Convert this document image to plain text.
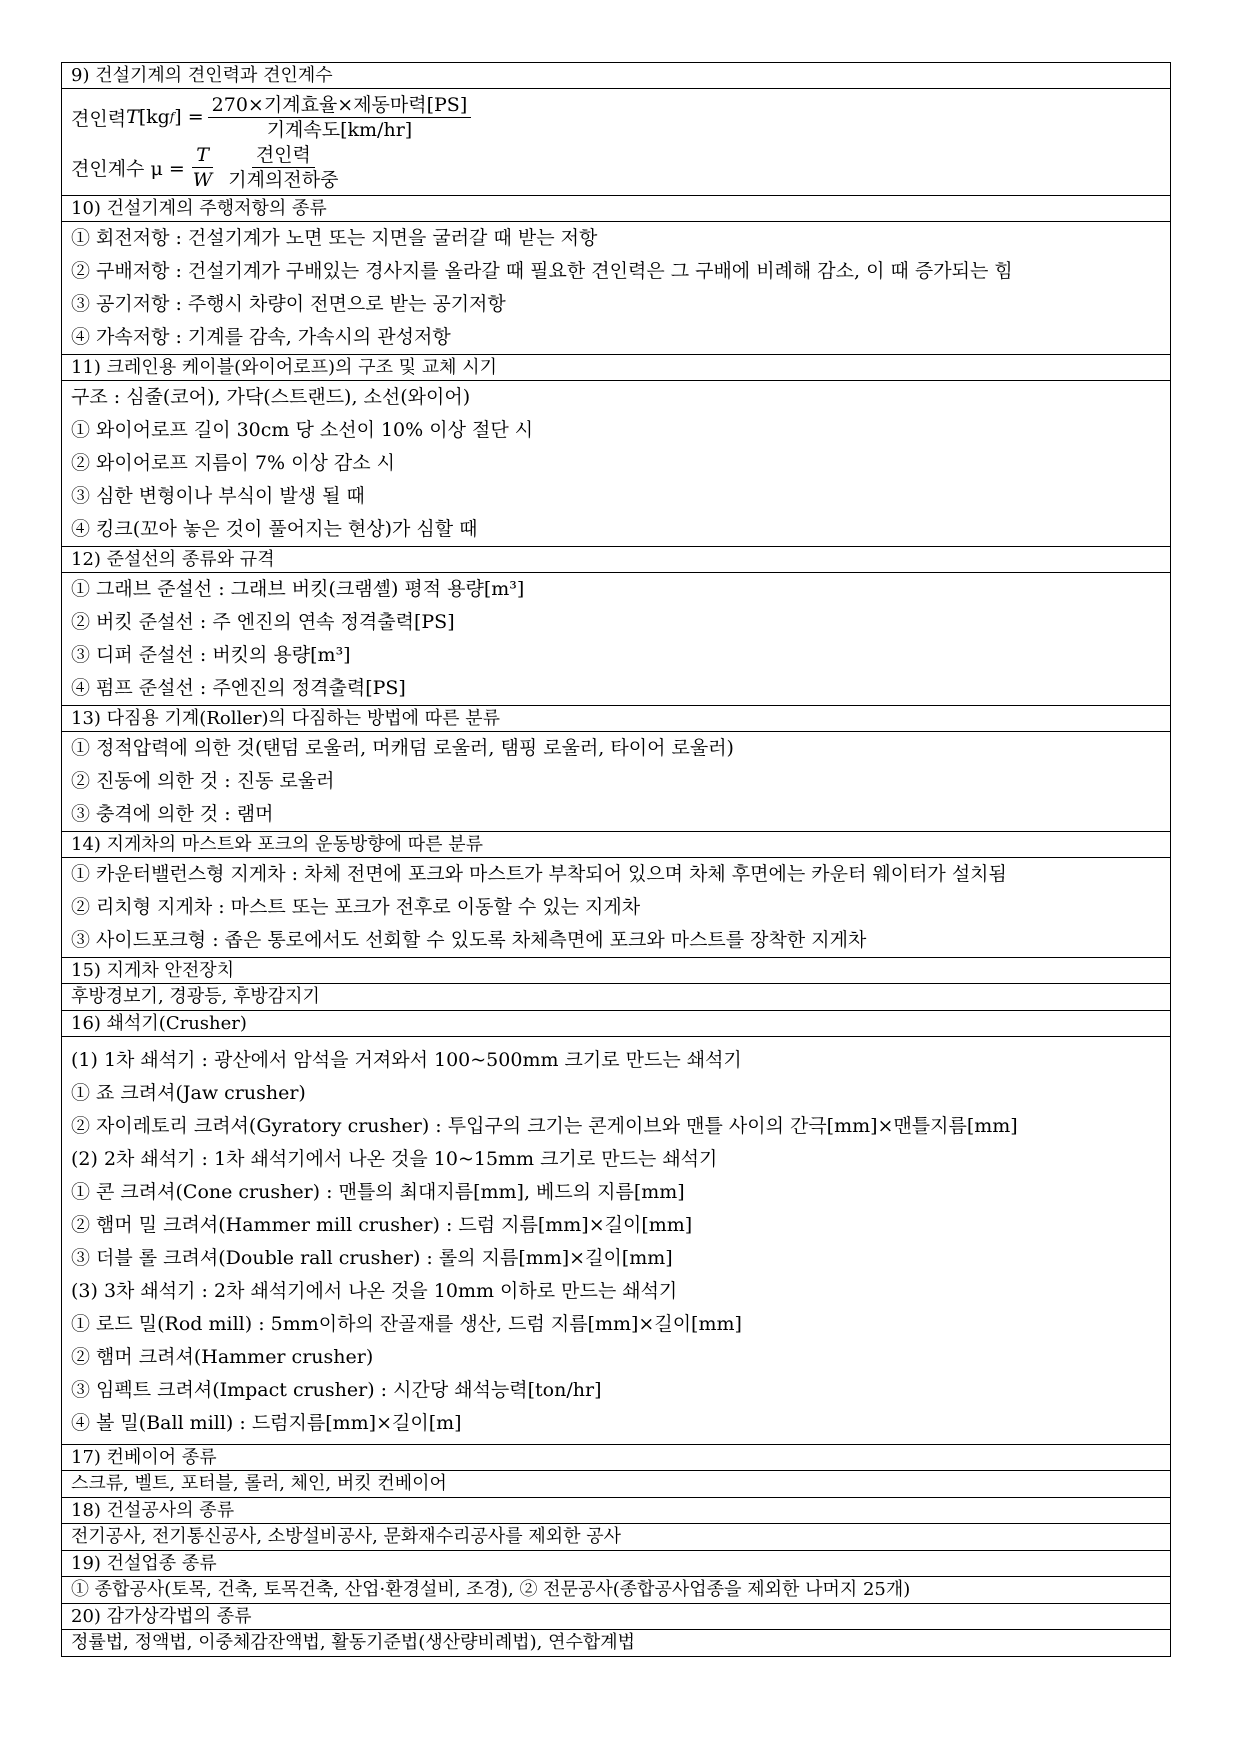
9) 건설기계의 견인력과 견인계수

견인력 T [kg f ] = $\frac{\text{270×기계효율×제동마력[PS]}}{\text{기계속도[km/hr]}}$
견인계수 $\mu = \frac{T}{W} \frac{\text{견인력}}{\text{기계의전하중}}$

10) 건설기계의 주행저항의 종류

① 회전저항 : 건설기계가 노면 또는 지면을 굴러갈 때 받는 저항
② 구배저항 : 건설기계가 구배있는 경사지를 올라갈 때 필요한 견인력은 그 구배에 비례해 감소, 이 때 증가되는 힘
③ 공기저항 : 주행시 차량이 전면으로 받는 공기저항
④ 가속저항 : 기계를 감속, 가속시의 관성저항

11) 크레인용 케이블(와이어로프)의 구조 및 교체 시기

구조 : 심줄(코어), 가닥(스트랜드), 소선(와이어)
① 와이어로프 길이 30cm 당 소선이 10% 이상 절단 시
② 와이어로프 지름이 7% 이상 감소 시
③ 심한 변형이나 부식이 발생 될 때
④ 킹크(꼬아 놓은 것이 풀어지는 현상)가 심할 때

12) 준설선의 종류와 규격

① 그래브 준설선 : 그래브 버킷(크램셸) 평적 용량[m³]
② 버킷 준설선 : 주 엔진의 연속 정격출력[PS]
③ 디퍼 준설선 : 버킷의 용량[m³]
④ 펌프 준설선 : 주엔진의 정격출력[PS]

13) 다짐용 기계(Roller)의 다짐하는 방법에 따른 분류

① 정적압력에 의한 것(탠덤 로울러, 머캐덤 로울러, 탬핑 로울러, 타이어 로울러)
② 진동에 의한 것 : 진동 로울러
③ 충격에 의한 것 : 램머

14) 지게차의 마스트와 포크의 운동방향에 따른 분류

① 카운터밸런스형 지게차 : 차체 전면에 포크와 마스트가 부착되어 있으며 차체 후면에는 카운터 웨이터가 설치됨
② 리치형 지게차 : 마스트 또는 포크가 전후로 이동할 수 있는 지게차
③ 사이드포크형 : 좁은 통로에서도 선회할 수 있도록 차체측면에 포크와 마스트를 장착한 지게차

15) 지게차 안전장치
후방경보기, 경광등, 후방감지기
16) 쇄석기(Crusher)

(1) 1차 쇄석기 : 광산에서 암석을 거져와서 100~500mm 크기로 만드는 쇄석기
① 죠 크려셔(Jaw crusher)
② 자이레토리 크려셔(Gyratory crusher) : 투입구의 크기는 콘게이브와 맨틀 사이의 간극[mm]×맨틀지름[mm]
(2) 2차 쇄석기 : 1차 쇄석기에서 나온 것을 10~15mm 크기로 만드는 쇄석기
① 콘 크려셔(Cone crusher) : 맨틀의 최대지름[mm], 베드의 지름[mm]
② 햄머 밀 크려셔(Hammer mill crusher) : 드럼 지름[mm]×길이[mm]
③ 더블 롤 크려셔(Double rall crusher) : 롤의 지름[mm]×길이[mm]
(3) 3차 쇄석기 : 2차 쇄석기에서 나온 것을 10mm 이하로 만드는 쇄석기
① 로드 밀(Rod mill) : 5mm이하의 잔골재를 생산, 드럼 지름[mm]×길이[mm]
② 햄머 크려셔(Hammer crusher)
③ 임펙트 크려셔(Impact crusher) : 시간당 쇄석능력[ton/hr]
④ 볼 밀(Ball mill) : 드럼지름[mm]×길이[m]

17) 컨베이어 종류
스크류, 벨트, 포터블, 롤러, 체인, 버킷 컨베이어
18) 건설공사의 종류
전기공사, 전기통신공사, 소방설비공사, 문화재수리공사를 제외한 공사
19) 건설업종 종류
① 종합공사(토목, 건축, 토목건축, 산업·환경설비, 조경), ② 전문공사(종합공사업종을 제외한 나머지 25개)
20) 감가상각법의 종류
정률법, 정액법, 이중체감잔액법, 활동기준법(생산량비례법), 연수합계법
